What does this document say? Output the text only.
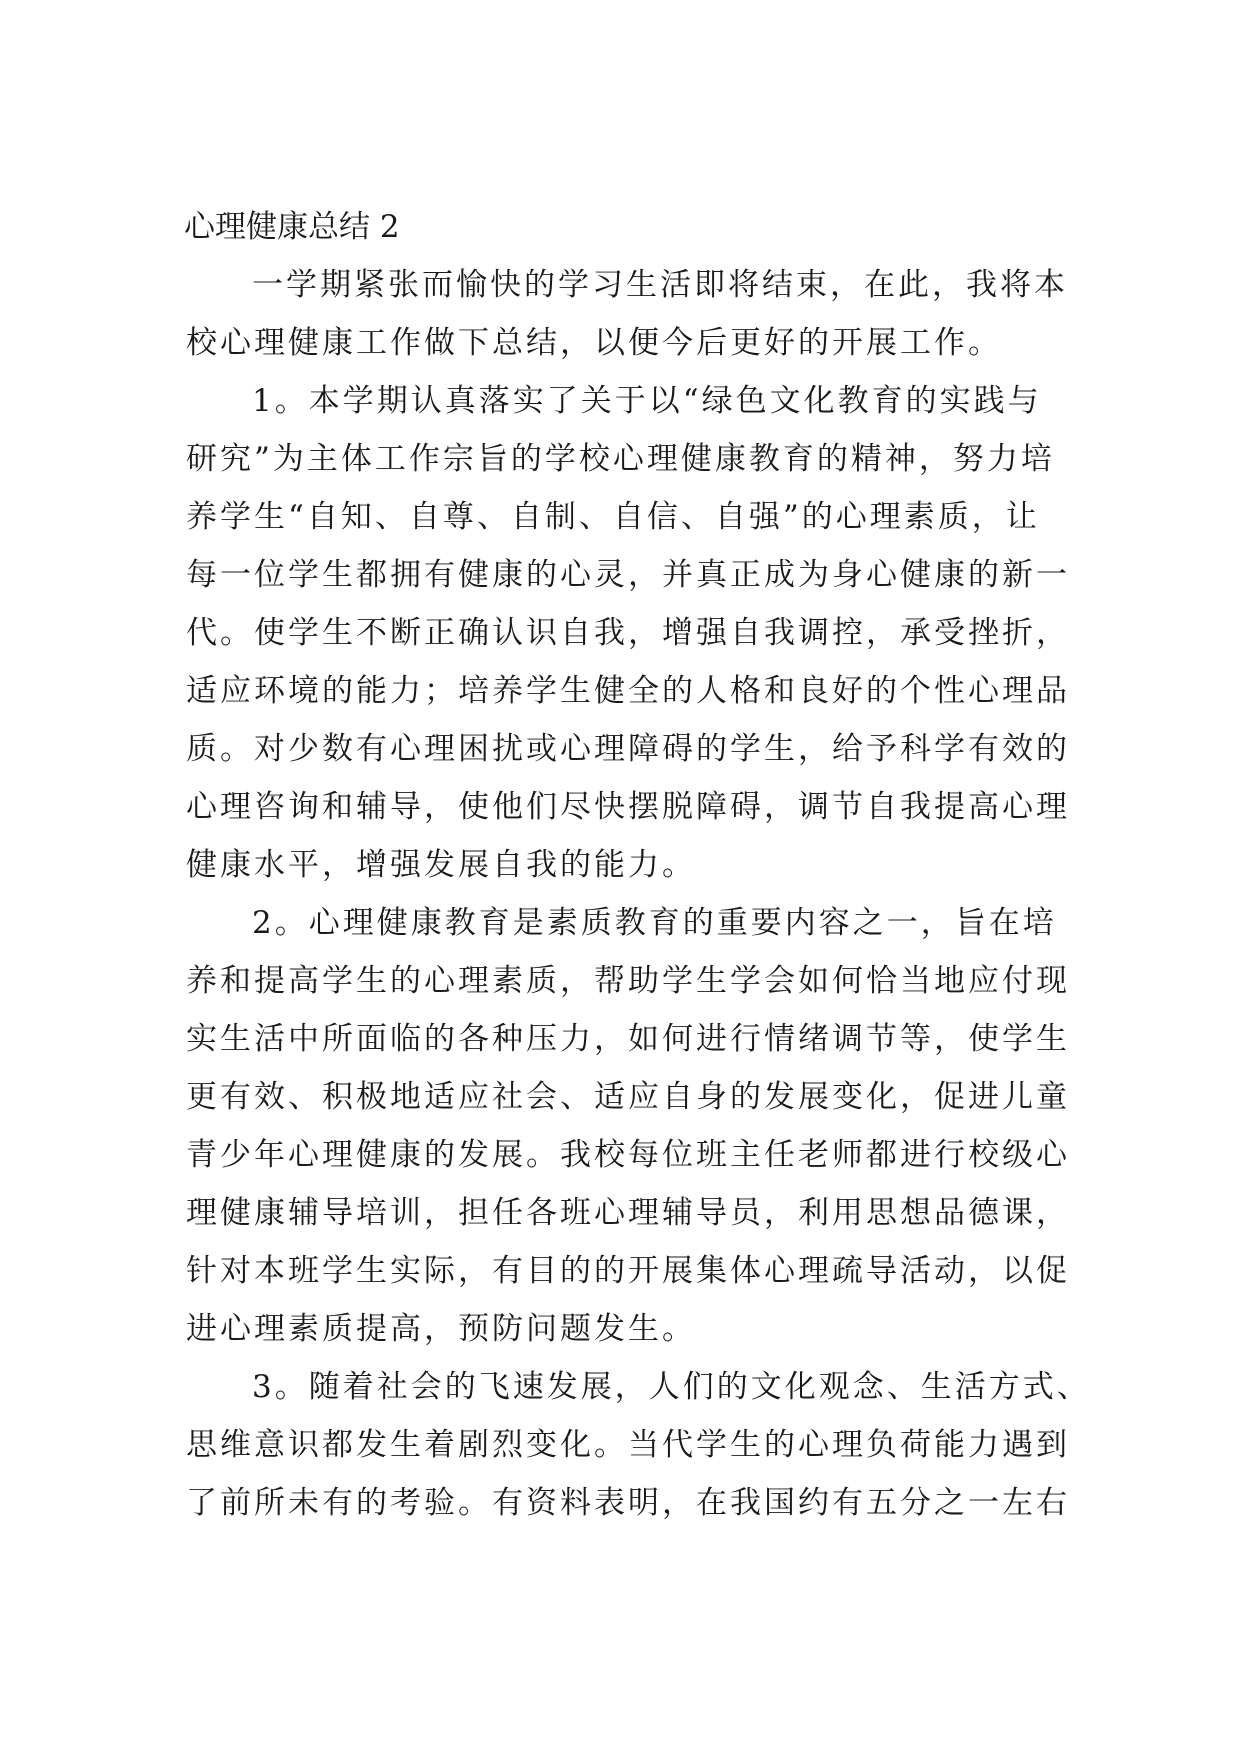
心理健康总结 2
一学期紧张而愉快的学习生活即将结束，在此，我将本
校心理健康工作做下总结，以便今后更好的开展工作。
1。本学期认真落实了关于以“绿色文化教育的实践与
研究”为主体工作宗旨的学校心理健康教育的精神，努力培
养学生“自知、自尊、自制、自信、自强”的心理素质，让
每一位学生都拥有健康的心灵，并真正成为身心健康的新一
代。使学生不断正确认识自我，增强自我调控，承受挫折，
适应环境的能力；培养学生健全的人格和良好的个性心理品
质。对少数有心理困扰或心理障碍的学生，给予科学有效的
心理咨询和辅导，使他们尽快摆脱障碍，调节自我提高心理
健康水平，增强发展自我的能力。
2。心理健康教育是素质教育的重要内容之一，旨在培
养和提高学生的心理素质，帮助学生学会如何恰当地应付现
实生活中所面临的各种压力，如何进行情绪调节等，使学生
更有效、积极地适应社会、适应自身的发展变化，促进儿童
青少年心理健康的发展。我校每位班主任老师都进行校级心
理健康辅导培训，担任各班心理辅导员，利用思想品德课，
针对本班学生实际，有目的的开展集体心理疏导活动，以促
进心理素质提高，预防问题发生。
3。随着社会的飞速发展，人们的文化观念、生活方式、
思维意识都发生着剧烈变化。当代学生的心理负荷能力遇到
了前所未有的考验。有资料表明，在我国约有五分之一左右
